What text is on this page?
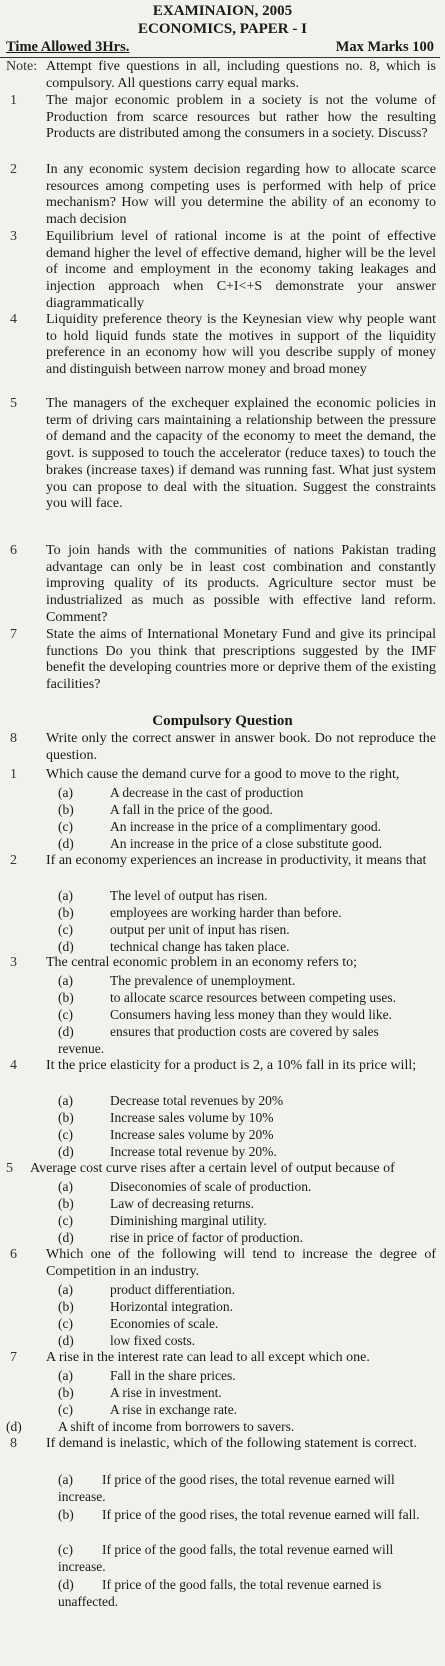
EXAMINAION, 2005
ECONOMICS, PAPER - I
Time Allowed 3Hrs.	Max Marks 100
Note: Attempt five questions in all, including questions no. 8, which is compulsory. All questions carry equal marks.
1 The major economic problem in a society is not the volume of Production from scarce resources but rather how the resulting Products are distributed among the consumers in a society. Discuss?
2 In any economic system decision regarding how to allocate scarce resources among competing uses is performed with help of price mechanism? How will you determine the ability of an economy to mach decision
3 Equilibrium level of rational income is at the point of effective demand higher the level of effective demand, higher will be the level of income and employment in the economy taking leakages and injection approach when C+I<+S demonstrate your answer diagrammatically
4 Liquidity preference theory is the Keynesian view why people want to hold liquid funds state the motives in support of the liquidity preference in an economy how will you describe supply of money and distinguish between narrow money and broad money
5 The managers of the exchequer explained the economic policies in term of driving cars maintaining a relationship between the pressure of demand and the capacity of the economy to meet the demand, the govt. is supposed to touch the accelerator (reduce taxes) to touch the brakes (increase taxes) if demand was running fast. What just system you can propose to deal with the situation. Suggest the constraints you will face.
6 To join hands with the communities of nations Pakistan trading advantage can only be in least cost combination and constantly improving quality of its products. Agriculture sector must be industrialized as much as possible with effective land reform. Comment?
7 State the aims of International Monetary Fund and give its principal functions Do you think that prescriptions suggested by the IMF benefit the developing countries more or deprive them of the existing facilities?
Compulsory Question
8 Write only the correct answer in answer book. Do not reproduce the question.
1 Which cause the demand curve for a good to move to the right,
(a)	A decrease in the cast of production
(b)	A fall in the price of the good.
(c)	An increase in the price of a complimentary good.
(d)	An increase in the price of a close substitute good.
2 If an economy experiences an increase in productivity, it means that
(a)	The level of output has risen.
(b)	employees are working harder than before.
(c)	output per unit of input has risen.
(d)	technical change has taken place.
3 The central economic problem in an economy refers to;
(a)	The prevalence of unemployment.
(b)	to allocate scarce resources between competing uses.
(c)	Consumers having less money than they would like.
(d)	ensures that production costs are covered by sales
revenue.
4 It the price elasticity for a product is 2, a 10% fall in its price will;
(a)	Decrease total revenues by 20%
(b)	Increase sales volume by 10%
(c)	Increase sales volume by 20%
(d)	Increase total revenue by 20%.
5 Average cost curve rises after a certain level of output because of
(a)	Diseconomies of scale of production.
(b)	Law of decreasing returns.
(c)	Diminishing marginal utility.
(d)	rise in price of factor of production.
6 Which one of the following will tend to increase the degree of Competition in an industry.
(a)	product differentiation.
(b)	Horizontal integration.
(c)	Economies of scale.
(d)	low fixed costs.
7 A rise in the interest rate can lead to all except which one.
(a)	Fall in the share prices.
(b)	A rise in investment.
(c)	A rise in exchange rate.
(d)	A shift of income from borrowers to savers.
8 If demand is inelastic, which of the following statement is correct.
(a)	If price of the good rises, the total revenue earned will increase.
(b)	If price of the good rises, the total revenue earned will fall.
(c)	If price of the good falls, the total revenue earned will increase.
(d)	If price of the good falls, the total revenue earned is unaffected.
